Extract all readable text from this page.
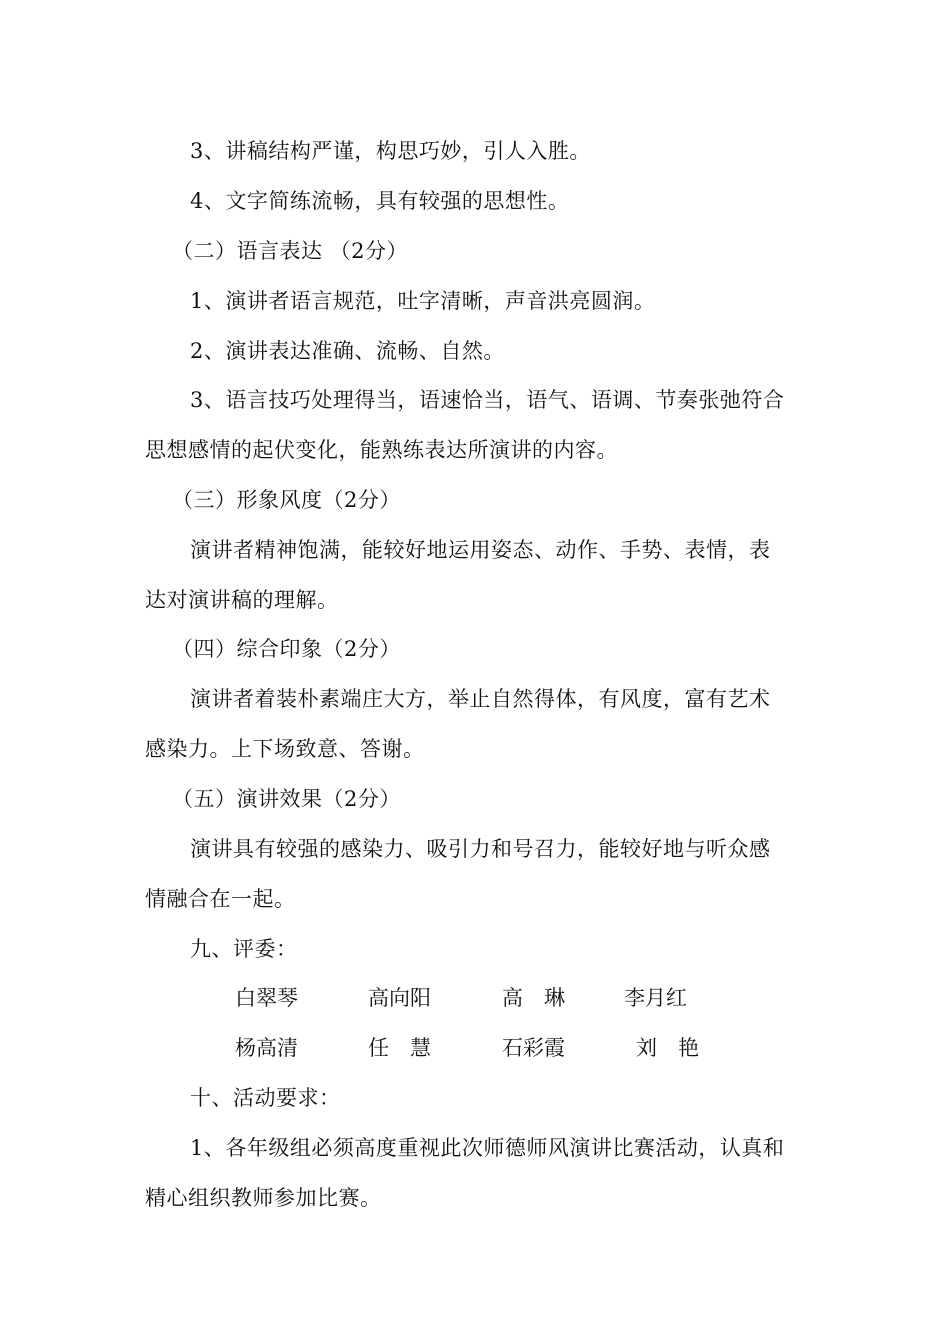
3、讲稿结构严谨，构思巧妙，引人入胜。
4、文字简练流畅，具有较强的思想性。
（二）语言表达 （2分）
1、演讲者语言规范，吐字清晰，声音洪亮圆润。
2、演讲表达准确、流畅、自然。
3、语言技巧处理得当，语速恰当，语气、语调、节奏张弛符合
思想感情的起伏变化，能熟练表达所演讲的内容。
（三）形象风度（2分）
演讲者精神饱满，能较好地运用姿态、动作、手势、表情，表
达对演讲稿的理解。
（四）综合印象（2分）
演讲者着装朴素端庄大方，举止自然得体，有风度，富有艺术
感染力。上下场致意、答谢。
（五）演讲效果（2分）
演讲具有较强的感染力、吸引力和号召力，能较好地与听众感
情融合在一起。
九、评委：
白翠琴	高向阳	高　琳	李月红
杨高清	任　慧	石彩霞	刘　艳
十、活动要求：
1、各年级组必须高度重视此次师德师风演讲比赛活动，认真和
精心组织教师参加比赛。
